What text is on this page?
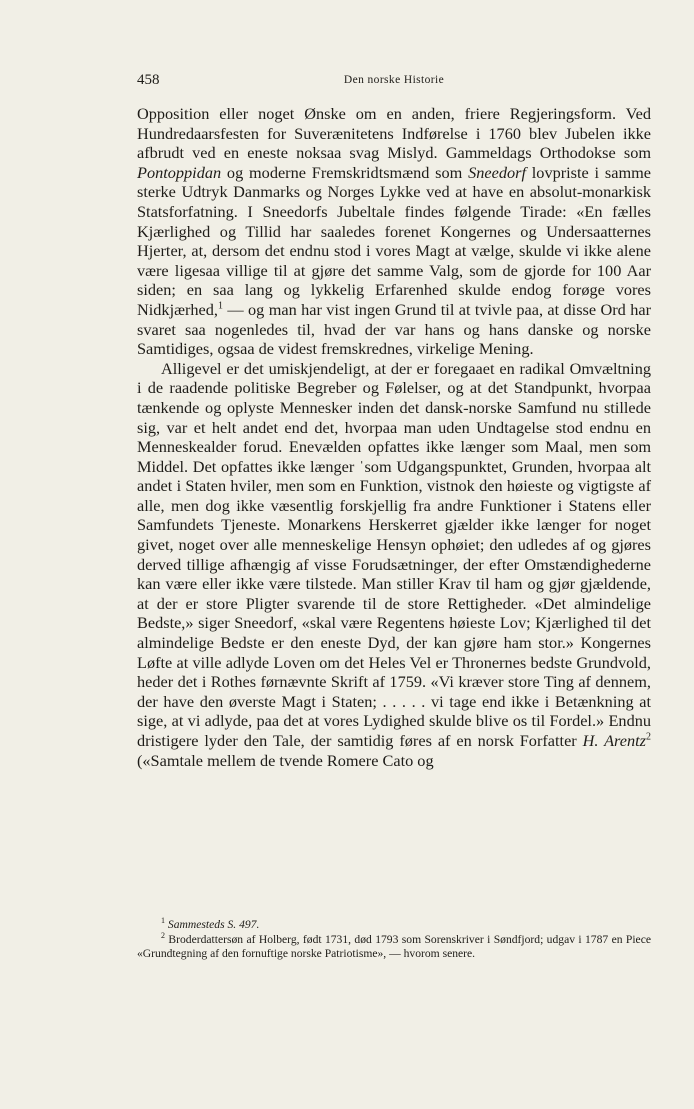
458	Den norske Historie

Opposition eller noget Ønske om en anden, friere Regjeringsform. Ved Hundredaarsfesten for Suverænitetens Indførelse i 1760 blev Jubelen ikke afbrudt ved en eneste noksaa svag Mislyd. Gammeldags Orthodokse som Pontoppidan og moderne Fremskridtsmænd som Sneedorf lovpriste i samme sterke Udtryk Danmarks og Norges Lykke ved at have en absolut-monarkisk Statsforfatning. I Sneedorfs Jubeltale findes følgende Tirade: «En fælles Kjærlighed og Tillid har saaledes forenet Kongernes og Undersaatternes Hjerter, at, dersom det endnu stod i vores Magt at vælge, skulde vi ikke alene være ligesaa villige til at gjøre det samme Valg, som de gjorde for 100 Aar siden; en saa lang og lykkelig Erfarenhed skulde endog forøge vores Nidkjærhed,$^1$ — og man har vist ingen Grund til at tvivle paa, at disse Ord har svaret saa nogenledes til, hvad der var hans og hans danske og norske Samtidiges, ogsaa de videst fremskrednes, virkelige Mening.

Alligevel er det umiskjendeligt, at der er foregaaet en radikal Omvæltning i de raadende politiske Begreber og Følelser, og at det Standpunkt, hvorpaa tænkende og oplyste Mennesker inden det dansk-norske Samfund nu stillede sig, var et helt andet end det, hvorpaa man uden Undtagelse stod endnu en Menneskealder forud. Enevælden opfattes ikke længer som Maal, men som Middel. Det opfattes ikke længer ˈsom Udgangspunktet, Grunden, hvorpaa alt andet i Staten hviler, men som en Funktion, vistnok den høieste og vigtigste af alle, men dog ikke væsentlig forskjellig fra andre Funktioner i Statens eller Samfundets Tjeneste. Monarkens Herskerret gjælder ikke længer for noget givet, noget over alle menneskelige Hensyn ophøiet; den udledes af og gjøres derved tillige afhængig af visse Forudsætninger, der efter Omstændighederne kan være eller ikke være tilstede. Man stiller Krav til ham og gjør gjældende, at der er store Pligter svarende til de store Rettigheder. «Det almindelige Bedste,» siger Sneedorf, «skal være Regentens høieste Lov; Kjærlighed til det almindelige Bedste er den eneste Dyd, der kan gjøre ham stor.» Kongernes Løfte at ville adlyde Loven om det Heles Vel er Thronernes bedste Grundvold, heder det i Rothes førnævnte Skrift af 1759. «Vi kræver store Ting af dennem, der have den øverste Magt i Staten; . . . . . vi tage end ikke i Betænkning at sige, at vi adlyde, paa det at vores Lydighed skulde blive os til Fordel.» Endnu dristigere lyder den Tale, der samtidig føres af en norsk Forfatter H. Arentz$^2$ («Samtale mellem de tvende Romere Cato og

$^1$ Sammesteds S. 497.

$^2$ Broderdattersøn af Holberg, født 1731, død 1793 som Sorenskriver i Søndfjord; udgav i 1787 en Piece «Grundtegning af den fornuftige norske Patriotisme», — hvorom senere.
